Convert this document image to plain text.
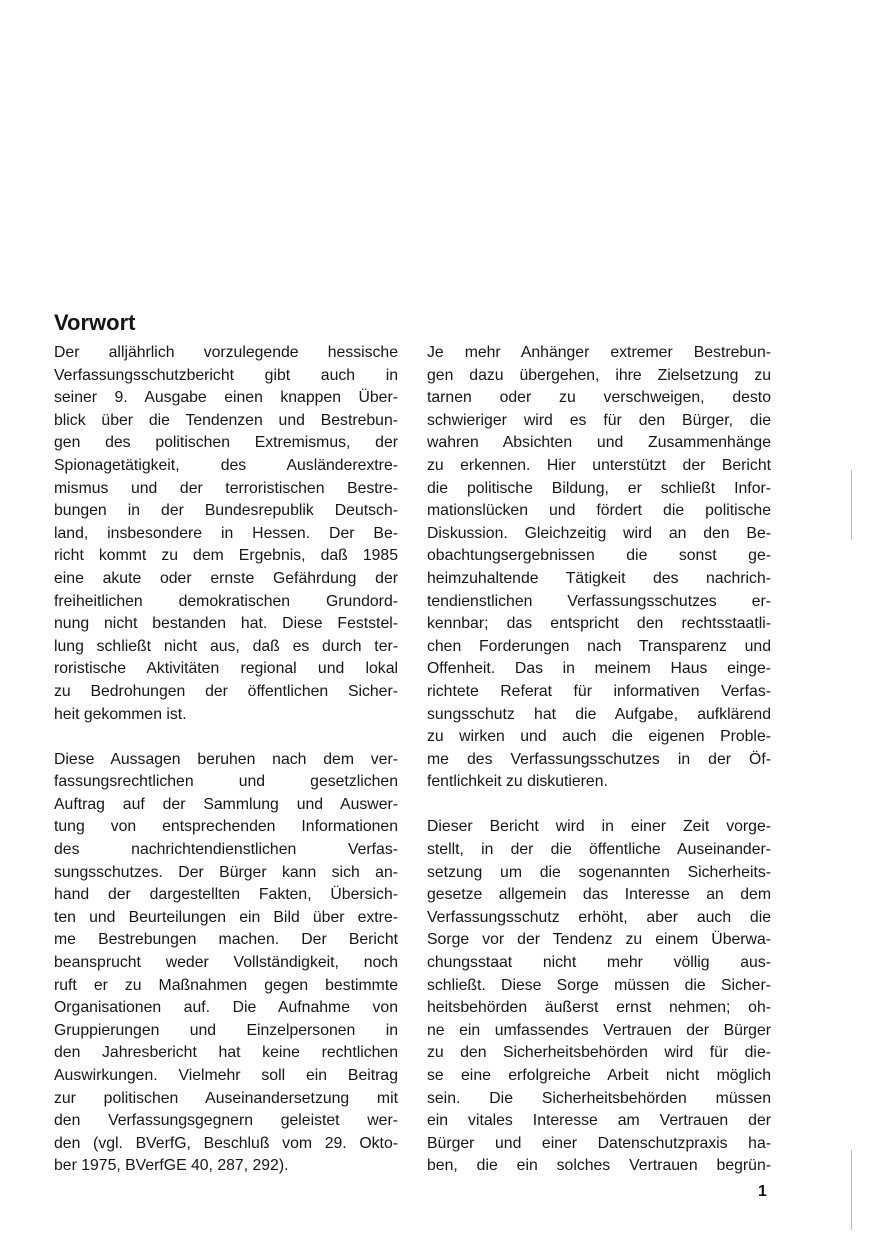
Vorwort
Der alljährlich vorzulegende hessische
Verfassungsschutzbericht gibt auch in
seiner 9. Ausgabe einen knappen Über-
blick über die Tendenzen und Bestrebun-
gen des politischen Extremismus, der
Spionagetätigkeit, des Ausländerextre-
mismus und der terroristischen Bestre-
bungen in der Bundesrepublik Deutsch-
land, insbesondere in Hessen. Der Be-
richt kommt zu dem Ergebnis, daß 1985
eine akute oder ernste Gefährdung der
freiheitlichen demokratischen Grundord-
nung nicht bestanden hat. Diese Feststel-
lung schließt nicht aus, daß es durch ter-
roristische Aktivitäten regional und lokal
zu Bedrohungen der öffentlichen Sicher-
heit gekommen ist.
Diese Aussagen beruhen nach dem ver-
fassungsrechtlichen und gesetzlichen
Auftrag auf der Sammlung und Auswer-
tung von entsprechenden Informationen
des nachrichtendienstlichen Verfas-
sungsschutzes. Der Bürger kann sich an-
hand der dargestellten Fakten, Übersich-
ten und Beurteilungen ein Bild über extre-
me Bestrebungen machen. Der Bericht
beansprucht weder Vollständigkeit, noch
ruft er zu Maßnahmen gegen bestimmte
Organisationen auf. Die Aufnahme von
Gruppierungen und Einzelpersonen in
den Jahresbericht hat keine rechtlichen
Auswirkungen. Vielmehr soll ein Beitrag
zur politischen Auseinandersetzung mit
den Verfassungsgegnern geleistet wer-
den (vgl. BVerfG, Beschluß vom 29. Okto-
ber 1975, BVerfGE 40, 287, 292).
Je mehr Anhänger extremer Bestrebun-
gen dazu übergehen, ihre Zielsetzung zu
tarnen oder zu verschweigen, desto
schwieriger wird es für den Bürger, die
wahren Absichten und Zusammenhänge
zu erkennen. Hier unterstützt der Bericht
die politische Bildung, er schließt Infor-
mationslücken und fördert die politische
Diskussion. Gleichzeitig wird an den Be-
obachtungsergebnissen die sonst ge-
heimzuhaltende Tätigkeit des nachrich-
tendienstlichen Verfassungsschutzes er-
kennbar; das entspricht den rechtsstaatli-
chen Forderungen nach Transparenz und
Offenheit. Das in meinem Haus einge-
richtete Referat für informativen Verfas-
sungsschutz hat die Aufgabe, aufklärend
zu wirken und auch die eigenen Proble-
me des Verfassungsschutzes in der Öf-
fentlichkeit zu diskutieren.
Dieser Bericht wird in einer Zeit vorge-
stellt, in der die öffentliche Auseinander-
setzung um die sogenannten Sicherheits-
gesetze allgemein das Interesse an dem
Verfassungsschutz erhöht, aber auch die
Sorge vor der Tendenz zu einem Überwa-
chungsstaat nicht mehr völlig aus-
schließt. Diese Sorge müssen die Sicher-
heitsbehörden äußerst ernst nehmen; oh-
ne ein umfassendes Vertrauen der Bürger
zu den Sicherheitsbehörden wird für die-
se eine erfolgreiche Arbeit nicht möglich
sein. Die Sicherheitsbehörden müssen
ein vitales Interesse am Vertrauen der
Bürger und einer Datenschutzpraxis ha-
ben, die ein solches Vertrauen begrün-
1
